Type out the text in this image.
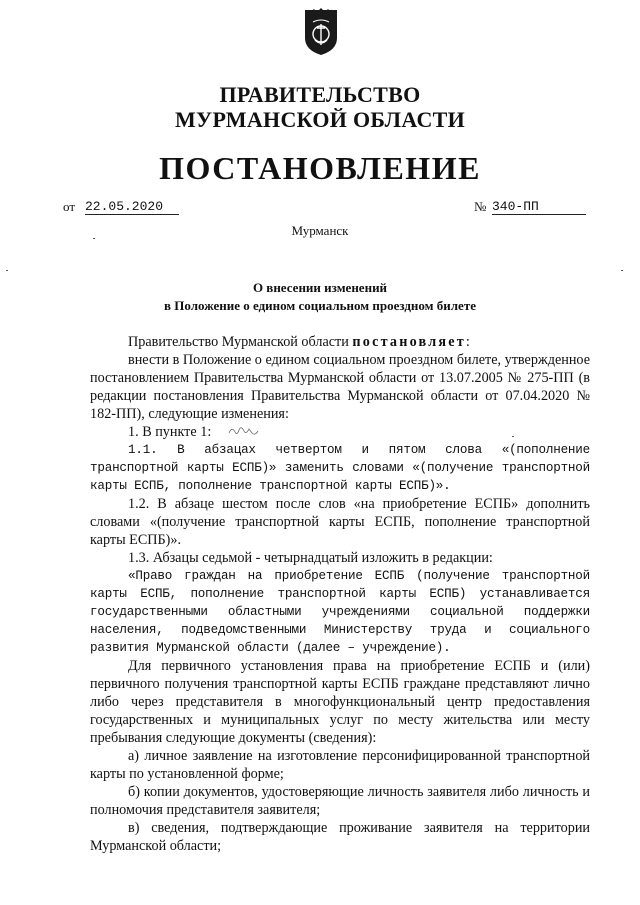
ПРАВИТЕЛЬСТВО
МУРМАНСКОЙ ОБЛАСТИ
ПОСТАНОВЛЕНИЕ
от 22.05.2020	№ 340-ПП
Мурманск
О внесении изменений
в Положение о едином социальном проездном билете

Правительство Мурманской области постановляет:

внести в Положение о едином социальном проездном билете, утвержденное постановлением Правительства Мурманской области от 13.07.2005 № 275-ПП (в редакции постановления Правительства Мурманской области от 07.04.2020 № 182-ПП), следующие изменения:

1. В пункте 1:

1.1. В абзацах четвертом и пятом слова «(пополнение транспортной карты ЕСПБ)» заменить словами «(получение транспортной карты ЕСПБ, пополнение транспортной карты ЕСПБ)».

1.2. В абзаце шестом после слов «на приобретение ЕСПБ» дополнить словами «(получение транспортной карты ЕСПБ, пополнение транспортной карты ЕСПБ)».

1.3. Абзацы седьмой - четырнадцатый изложить в редакции:

«Право граждан на приобретение ЕСПБ (получение транспортной карты ЕСПБ, пополнение транспортной карты ЕСПБ) устанавливается государственными областными учреждениями социальной поддержки населения, подведомственными Министерству труда и социального развития Мурманской области (далее – учреждение).

Для первичного установления права на приобретение ЕСПБ и (или) первичного получения транспортной карты ЕСПБ граждане представляют лично либо через представителя в многофункциональный центр предоставления государственных и муниципальных услуг по месту жительства или месту пребывания следующие документы (сведения):

а) личное заявление на изготовление персонифицированной транспортной карты по установленной форме;

б) копии документов, удостоверяющие личность заявителя либо личность и полномочия представителя заявителя;

в) сведения, подтверждающие проживание заявителя на территории Мурманской области;
